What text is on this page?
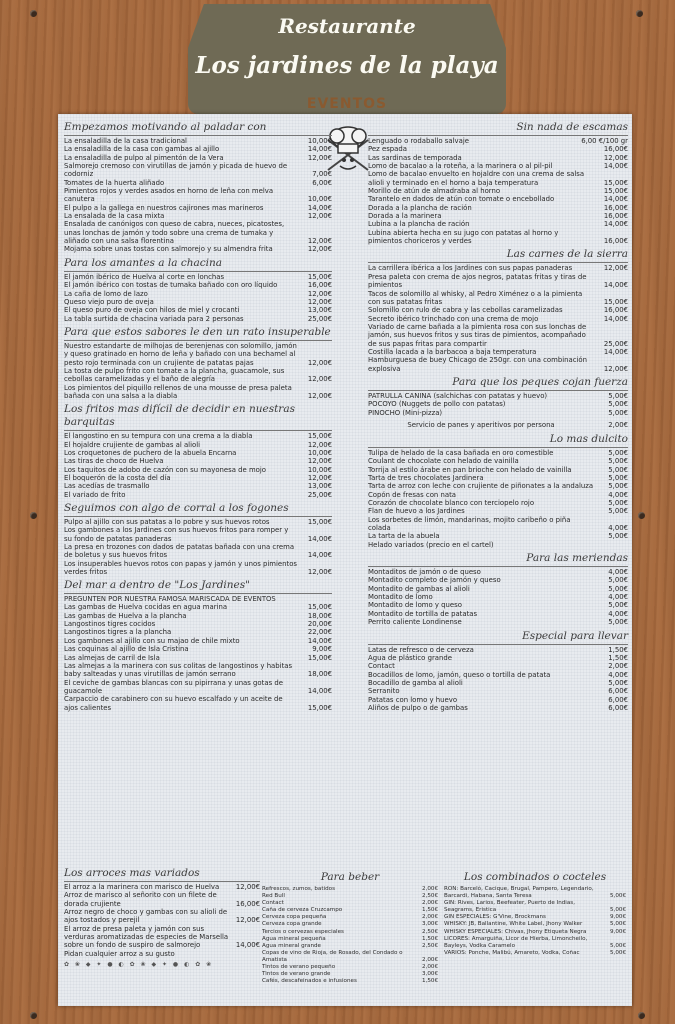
Restaurante
Los jardines de la playa
EVENTOS
Empezamos motivando al paladar con
La ensaladilla de la casa tradicional	10,00€
La ensaladilla de la casa con gambas al ajillo	14,00€
La ensaladilla de pulpo al pimentón de la Vera	12,00€
Salmorejo cremoso con virutillas de jamón y picada de huevo de codorniz	7,00€
Tomates de la huerta aliñado	6,00€
Pimientos rojos y verdes asados en horno de leña con melva canutera	10,00€
El pulpo a la gallega en nuestros cajirones mas marineros	14,00€
La ensalada de la casa mixta	12,00€
Ensalada de canónigos con queso de cabra, nueces, picatostes, unas lonchas de jamón y todo sobre una crema de tumaka y aliñado con una salsa florentina	12,00€
Mojama sobre unas tostas con salmorejo y su almendra frita	12,00€
Para los amantes a la chacina
El jamón ibérico de Huelva al corte en lonchas	15,00€
El jamón ibérico con tostas de tumaka bañado con oro líquido	16,00€
La caña de lomo de lazo	12,00€
Queso viejo puro de oveja	12,00€
El queso puro de oveja con hilos de miel y crocanti	13,00€
La tabla surtida de chacina variada para 2 personas	25,00€
Para que estos sabores le den un rato insuperable
Nuestro estandarte de milhojas de berenjenas con solomillo, jamón y queso gratinado en horno de leña y bañado con una bechamel al pesto rojo terminada con un crujiente de patatas pajas	12,00€
La tosta de pulpo frito con tomate a la plancha, guacamole, sus cebollas caramelizadas y el baño de alegría	12,00€
Los pimientos del piquillo rellenos de una mousse de presa paleta bañada con una salsa a la diabla	12,00€
Los fritos mas difícil de decidir en nuestras barquitas
El langostino en su tempura con una crema a la diabla	15,00€
El hojaldre crujiente de gambas al alioli	12,00€
Los croquetones de puchero de la abuela Encarna	10,00€
Las tiras de choco de Huelva	12,00€
Los taquitos de adobo de cazón con su mayonesa de mojo	10,00€
El boquerón de la costa del día	12,00€
Las acedías de trasmallo	13,00€
El variado de frito	25,00€
Seguimos con algo de corral a los fogones
Pulpo al ajillo con sus patatas a lo pobre y sus huevos rotos	15,00€
Los gambones a los Jardines con sus huevos fritos para romper y su fondo de patatas panaderas	14,00€
La presa en trozones con dados de patatas bañada con una crema de boletus y sus huevos fritos	14,00€
Los insuperables huevos rotos con papas y jamón y unos pimientos verdes fritos	12,00€
Del mar a dentro de "Los Jardines"
PREGUNTEN POR NUESTRA FAMOSA MARISCADA DE EVENTOS
Las gambas de Huelva cocidas en agua marina	15,00€
Las gambas de Huelva a la plancha	18,00€
Langostinos tigres cocidos	20,00€
Langostinos tigres a la plancha	22,00€
Los gambones al ajillo con su majao de chile mixto	14,00€
Las coquinas al ajillo de Isla Cristina	9,00€
Las almejas de carril de Isla	15,00€
Las almejas a la marinera con sus colitas de langostinos y habitas baby salteadas y unas virutillas de jamón serrano	18,00€
El ceviche de gambas blancas con su pipirrana y unas gotas de guacamole	14,00€
Carpaccio de carabinero con su huevo escalfado y un aceite de ajos calientes	15,00€
Sin nada de escamas
Lenguado o rodaballo salvaje	6,00 €/100 gr
Pez espada	16,00€
Las sardinas de temporada	12,00€
Lomo de bacalao a la roteña, a la marinera o al pil-pil	14,00€
Lomo de bacalao envuelto en hojaldre con una crema de salsa alioli y terminado en el horno a baja temperatura	15,00€
Morillo de atún de almadraba al horno	15,00€
Tarantelo en dados de atún con tomate o encebollado	14,00€
Dorada a la plancha de ración	16,00€
Dorada a la marinera	16,00€
Lubina a la plancha de ración	14,00€
Lubina abierta hecha en su jugo con patatas al horno y pimientos choriceros y verdes	16,00€
Las carnes de la sierra
La carrillera ibérica a los Jardines con sus papas panaderas	12,00€
Presa paleta con crema de ajos negros, patatas fritas y tiras de pimientos	14,00€
Tacos de solomillo al whisky, al Pedro Ximénez o a la pimienta con sus patatas fritas	15,00€
Solomillo con rulo de cabra y las cebollas caramelizadas	16,00€
Secreto ibérico trinchado con una crema de mojo	14,00€
Variado de carne bañada a la pimienta rosa con sus lonchas de jamón, sus huevos fritos y sus tiras de pimientos, acompañado de sus papas fritas para compartir	25,00€
Costilla lacada a la barbacoa a baja temperatura	14,00€
Hamburguesa de buey Chicago de 250gr. con una combinación explosiva	12,00€
Para que los peques cojan fuerza
PATRULLA CANINA (salchichas con patatas y huevo)	5,00€
POCOYO (Nuggets de pollo con patatas)	5,00€
PINOCHO (Mini-pizza)	5,00€
Servicio de panes y aperitivos por persona	2,00€
Lo mas dulcito
Tulipa de helado de la casa bañada en oro comestible	5,00€
Coulant de chocolate con helado de vainilla	5,00€
Torrija al estilo árabe en pan brioche con helado de vainilla	5,00€
Tarta de tres chocolates Jardinera	5,00€
Tarta de arroz con leche con crujiente de piñonates a la andaluza 5,00€
Copón de fresas con nata	4,00€
Corazón de chocolate blanco con terciopelo rojo	5,00€
Flan de huevo a los Jardines	5,00€
Los sorbetes de limón, mandarinas, mojito caribeño o piña colada	4,00€
La tarta de la abuela	5,00€
Helado variados (precio en el cartel)
Para las meriendas
Montaditos de jamón o de queso	4,00€
Montadito completo de jamón y queso	5,00€
Montadito de gambas al alioli	5,00€
Montadito de lomo	4,00€
Montadito de lomo y queso	5,00€
Montadito de tortilla de patatas	4,00€
Perrito caliente Londinense	5,00€
Especial para llevar
Latas de refresco o de cerveza	1,50€
Agua de plástico grande	1,50€
Contact	2,00€
Bocadillos de lomo, jamón, queso o tortilla de patata	4,00€
Bocadillo de gamba al alioli	5,00€
Serranito	6,00€
Patatas con lomo y huevo	6,00€
Aliños de pulpo o de gambas	6,00€
Los arroces mas variados
El arroz a la marinera con marisco de Huelva 12,00€
Arroz de marisco al señorito con un filete de dorada crujiente	16,00€
Arroz negro de choco y gambas con su alioli de ajos tostados y perejil	12,00€
El arroz de presa paleta y jamón con sus verduras aromatizadas de especies de Marsella sobre un fondo de suspiro de salmorejo	14,00€
Pidan cualquier arroz a su gusto
✿ ❀ ◆ ✦ ● ◐ ✿ ❀ ◆ ✦ ● ◐ ✿ ❀
Para beber
Refrescos, zumos, batidos	2,00€
Red Bull	2,50€
Contact	2,00€
Caña de cerveza Cruzcampo	1,50€
Cerveza copa pequeña	2,00€
Cerveza copa grande	3,00€
Tercios o cervezas especiales	2,50€
Agua mineral pequeña	1,50€
Agua mineral grande	2,50€
Copas de vino de Rioja, de Rosado, del Condado o Amatista	2,00€
Tintos de verano pequeño	2,00€
Tintos de verano grande	3,00€
Cafés, descafeinados e infusiones	1,50€
Los combinados o cocteles
RON: Barceló, Cacique, Brugal, Pampero, Legendario, Barcardi, Habana, Santa Teresa	5,00€
GIN: Rives, Larios, Beefeater, Puerto de Indias, Seagrams, Eristica	5,00€
GIN ESPECIALES: G'Vine, Brockmans	9,00€
WHISKY: JB, Ballantine, White Label, Jhony Walker	5,00€
WHISKY ESPECIALES: Chivas, Jhony Etiqueta Negra	9,00€
LICORES: Amarguiña, Licor de Hierba, Limoncheilo, Bayleys, Vodka Caramelo	5,00€
VARIOS: Ponche, Malibú, Amareto, Vodka, Coñac	5,00€
